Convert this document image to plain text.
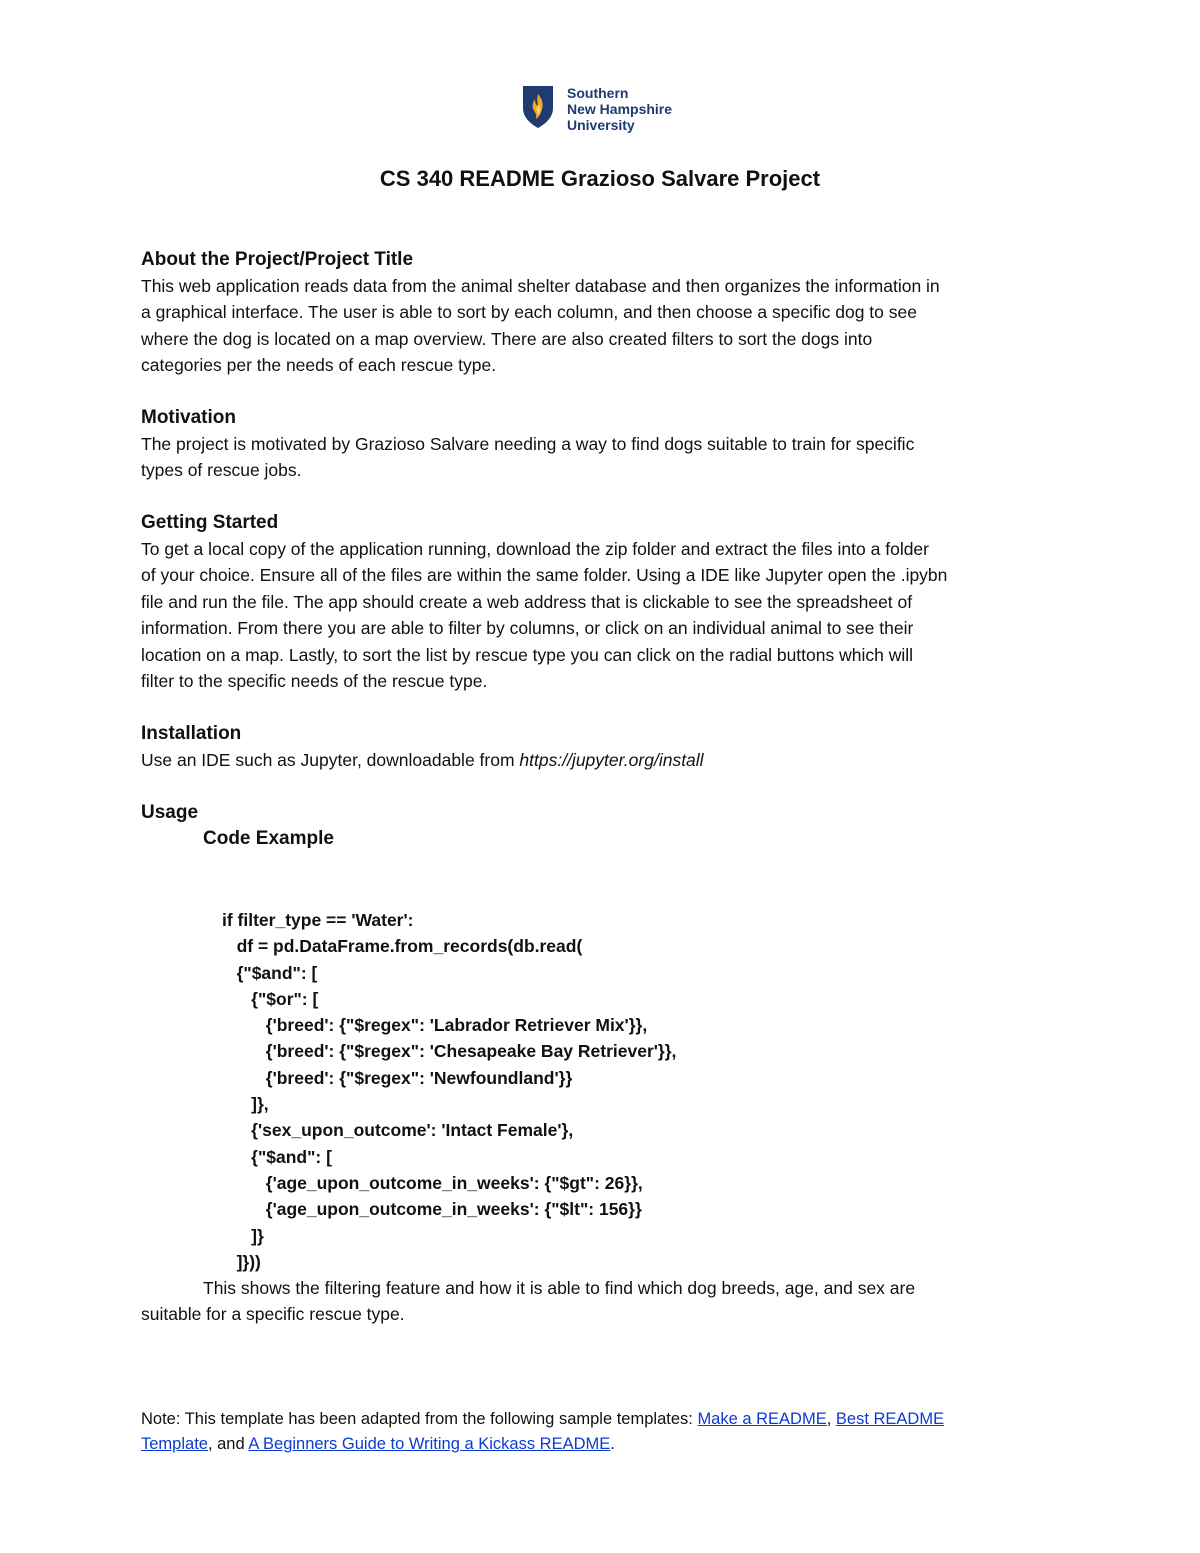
Southern
New Hampshire
University
CS 340 README Grazioso Salvare Project
About the Project/Project Title
This web application reads data from the animal shelter database and then organizes the information in
a graphical interface. The user is able to sort by each column, and then choose a specific dog to see
where the dog is located on a map overview. There are also created filters to sort the dogs into
categories per the needs of each rescue type.
Motivation
The project is motivated by Grazioso Salvare needing a way to find dogs suitable to train for specific
types of rescue jobs.
Getting Started
To get a local copy of the application running, download the zip folder and extract the files into a folder
of your choice. Ensure all of the files are within the same folder. Using a IDE like Jupyter open the .ipybn
file and run the file. The app should create a web address that is clickable to see the spreadsheet of
information. From there you are able to filter by columns, or click on an individual animal to see their
location on a map. Lastly, to sort the list by rescue type you can click on the radial buttons which will
filter to the specific needs of the rescue type.
Installation
Use an IDE such as Jupyter, downloadable from https://jupyter.org/install
Usage
Code Example
if filter_type == 'Water':
df = pd.DataFrame.from_records(db.read(
{"$and": [
{"$or": [
{'breed': {"$regex": 'Labrador Retriever Mix'}},
{'breed': {"$regex": 'Chesapeake Bay Retriever'}},
{'breed': {"$regex": 'Newfoundland'}}
]},
{'sex_upon_outcome': 'Intact Female'},
{"$and": [
{'age_upon_outcome_in_weeks': {"$gt": 26}},
{'age_upon_outcome_in_weeks': {"$lt": 156}}
]}
]}))
This shows the filtering feature and how it is able to find which dog breeds, age, and sex are
suitable for a specific rescue type.
Note: This template has been adapted from the following sample templates: Make a README, Best README
Template, and A Beginners Guide to Writing a Kickass README.
